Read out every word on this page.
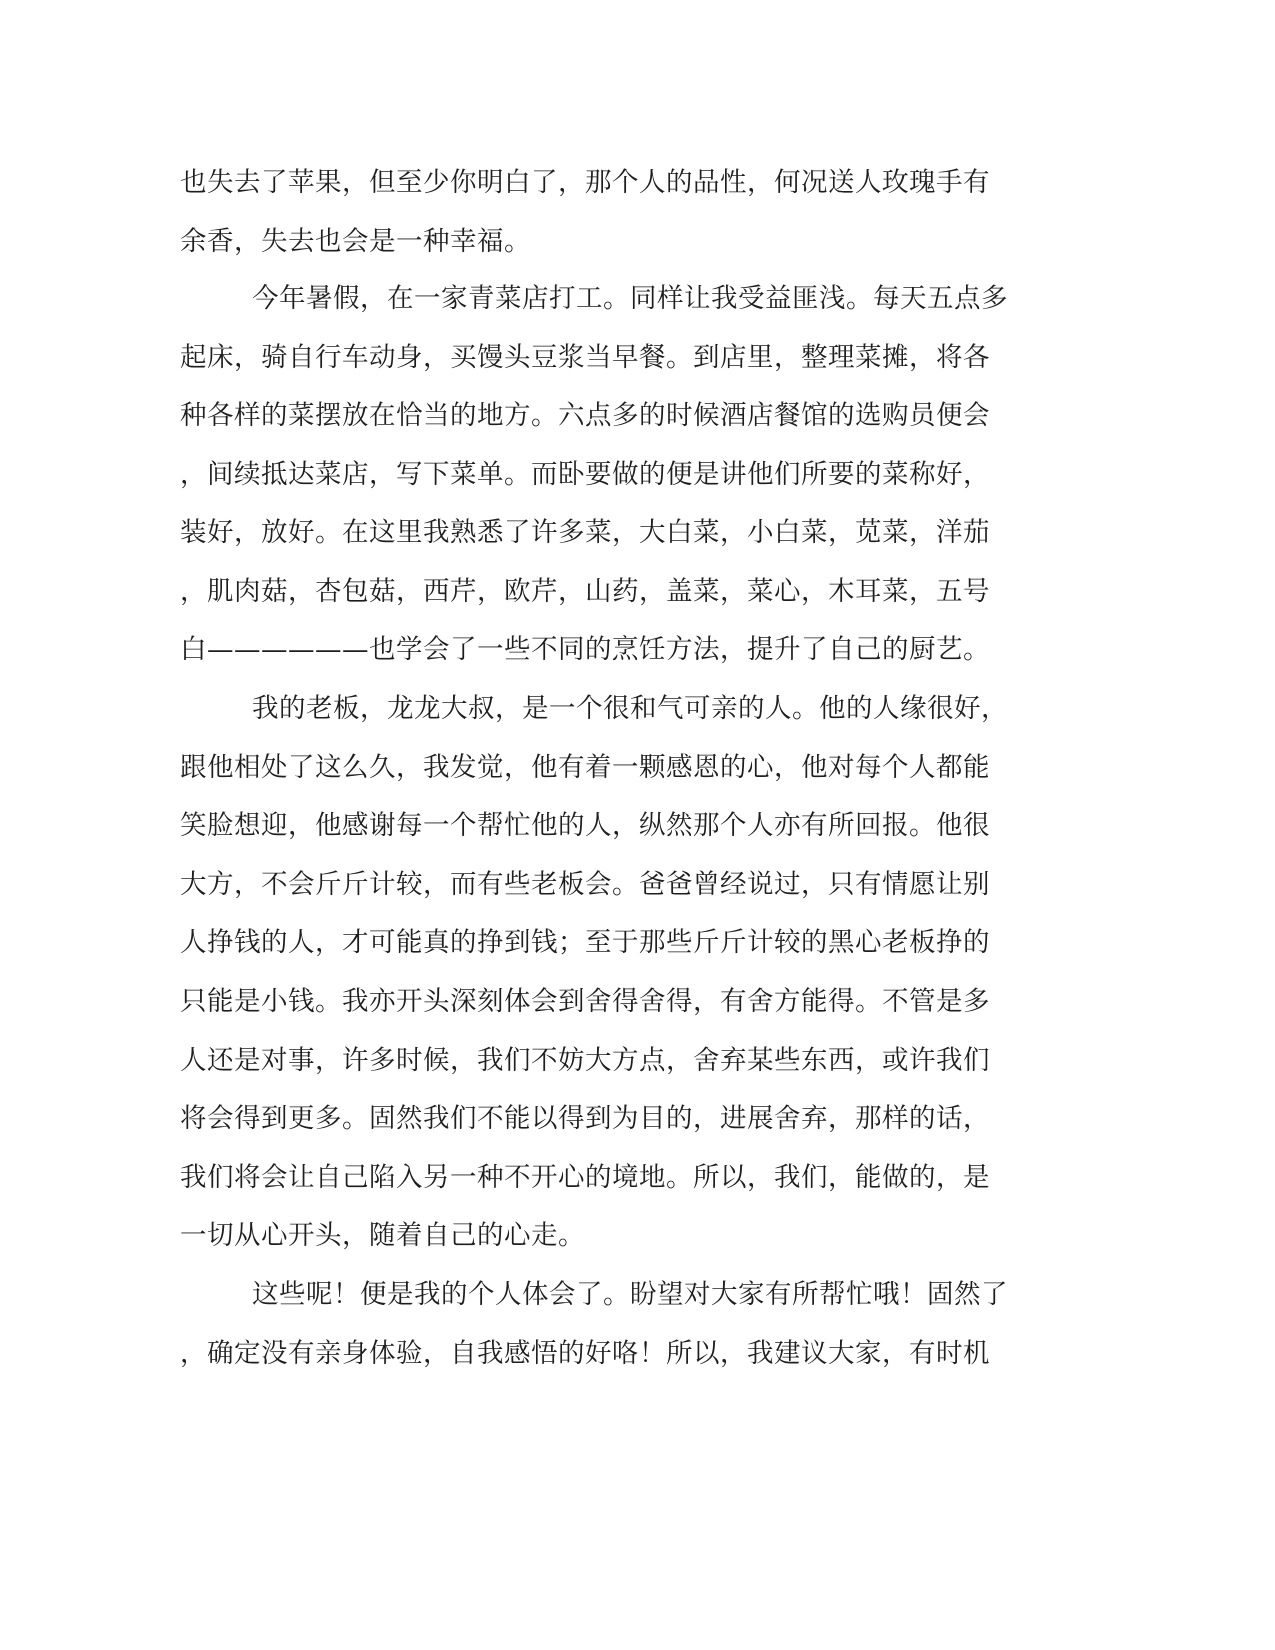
也失去了苹果，但至少你明白了，那个人的品性，何况送人玫瑰手有
余香，失去也会是一种幸福。
今年暑假，在一家青菜店打工。同样让我受益匪浅。每天五点多
起床，骑自行车动身，买馒头豆浆当早餐。到店里，整理菜摊，将各
种各样的菜摆放在恰当的地方。六点多的时候酒店餐馆的选购员便会
，间续抵达菜店，写下菜单。而卧要做的便是讲他们所要的菜称好，
装好，放好。在这里我熟悉了许多菜，大白菜，小白菜，苋菜，洋茄
，肌肉菇，杏包菇，西芹，欧芹，山药，盖菜，菜心，木耳菜，五号
白——————也学会了一些不同的烹饪方法，提升了自己的厨艺。
我的老板，龙龙大叔，是一个很和气可亲的人。他的人缘很好，
跟他相处了这么久，我发觉，他有着一颗感恩的心，他对每个人都能
笑脸想迎，他感谢每一个帮忙他的人，纵然那个人亦有所回报。他很
大方，不会斤斤计较，而有些老板会。爸爸曾经说过，只有情愿让别
人挣钱的人，才可能真的挣到钱；至于那些斤斤计较的黑心老板挣的
只能是小钱。我亦开头深刻体会到舍得舍得，有舍方能得。不管是多
人还是对事，许多时候，我们不妨大方点，舍弃某些东西，或许我们
将会得到更多。固然我们不能以得到为目的，进展舍弃，那样的话，
我们将会让自己陷入另一种不开心的境地。所以，我们，能做的，是
一切从心开头，随着自己的心走。
这些呢！便是我的个人体会了。盼望对大家有所帮忙哦！固然了
，确定没有亲身体验，自我感悟的好咯！所以，我建议大家，有时机
